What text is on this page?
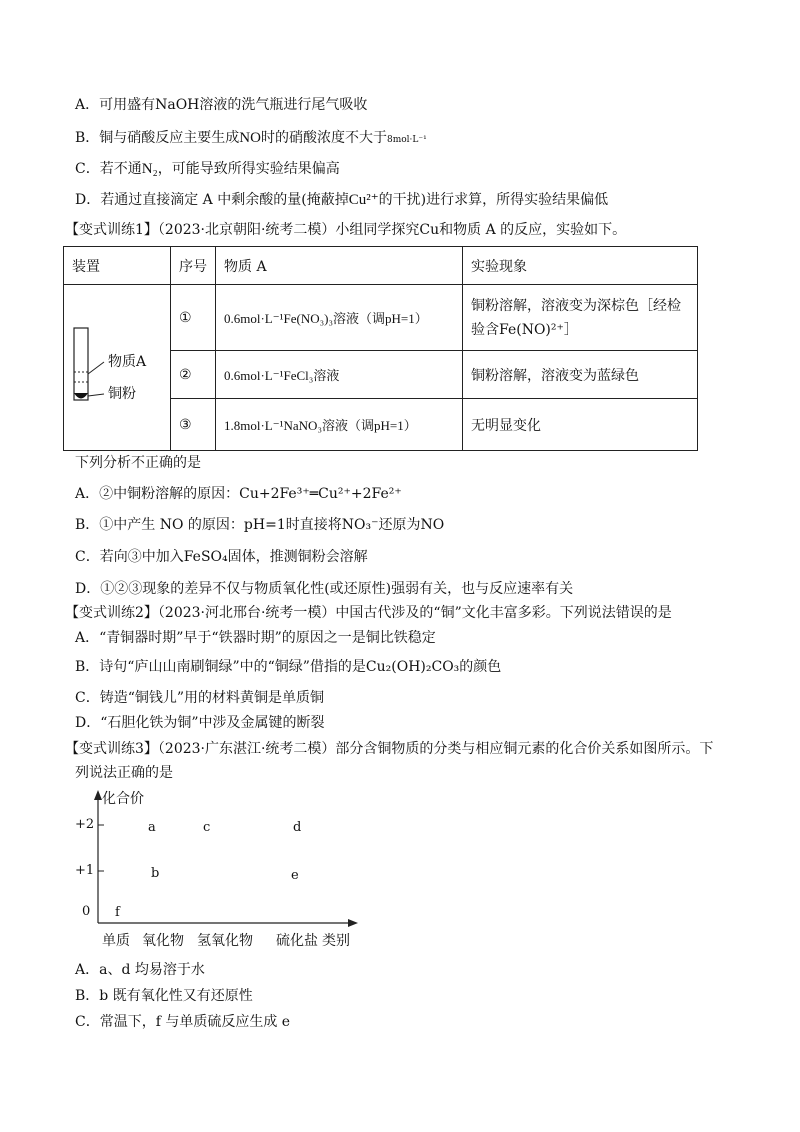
A．可用盛有NaOH溶液的洗气瓶进行尾气吸收
B．铜与硝酸反应主要生成NO时的硝酸浓度不大于8mol·L⁻¹
C．若不通N₂，可能导致所得实验结果偏高
D．若通过直接滴定 A 中剩余酸的量(掩蔽掉Cu²⁺的干扰)进行求算，所得实验结果偏低
【变式训练1】（2023·北京朝阳·统考二模）小组同学探究Cu和物质 A 的反应，实验如下。
装置	序号	物质 A	实验现象

物质A
铜粉	①	0.6mol·L⁻¹Fe(NO₃)₃溶液（调pH=1）	铜粉溶解，溶液变为深棕色［经检验含Fe(NO)²⁺］
	②	0.6mol·L⁻¹FeCl₃溶液	铜粉溶解，溶液变为蓝绿色
	③	1.8mol·L⁻¹NaNO₃溶液（调pH=1）	无明显变化
下列分析不正确的是
A．②中铜粉溶解的原因：Cu+2Fe³⁺═Cu²⁺+2Fe²⁺
B．①中产生 NO 的原因：pH=1时直接将NO₃⁻还原为NO
C．若向③中加入FeSO₄固体，推测铜粉会溶解
D．①②③现象的差异不仅与物质氧化性(或还原性)强弱有关，也与反应速率有关
【变式训练2】（2023·河北邢台·统考一模）中国古代涉及的“铜”文化丰富多彩。下列说法错误的是
A．“青铜器时期”早于“铁器时期”的原因之一是铜比铁稳定
B．诗句“庐山山南刷铜绿”中的“铜绿”借指的是Cu₂(OH)₂CO₃的颜色
C．铸造“铜钱儿”用的材料黄铜是单质铜
D．“石胆化铁为铜”中涉及金属键的断裂
【变式训练3】（2023·广东湛江·统考二模）部分含铜物质的分类与相应铜元素的化合价关系如图所示。下
列说法正确的是
化合价
+2
+1
0
a	c	d
b	e
f
单质 氧化物 氢氧化物 硫化盐 类别
A．a、d 均易溶于水
B．b 既有氧化性又有还原性
C．常温下，f 与单质硫反应生成 e
